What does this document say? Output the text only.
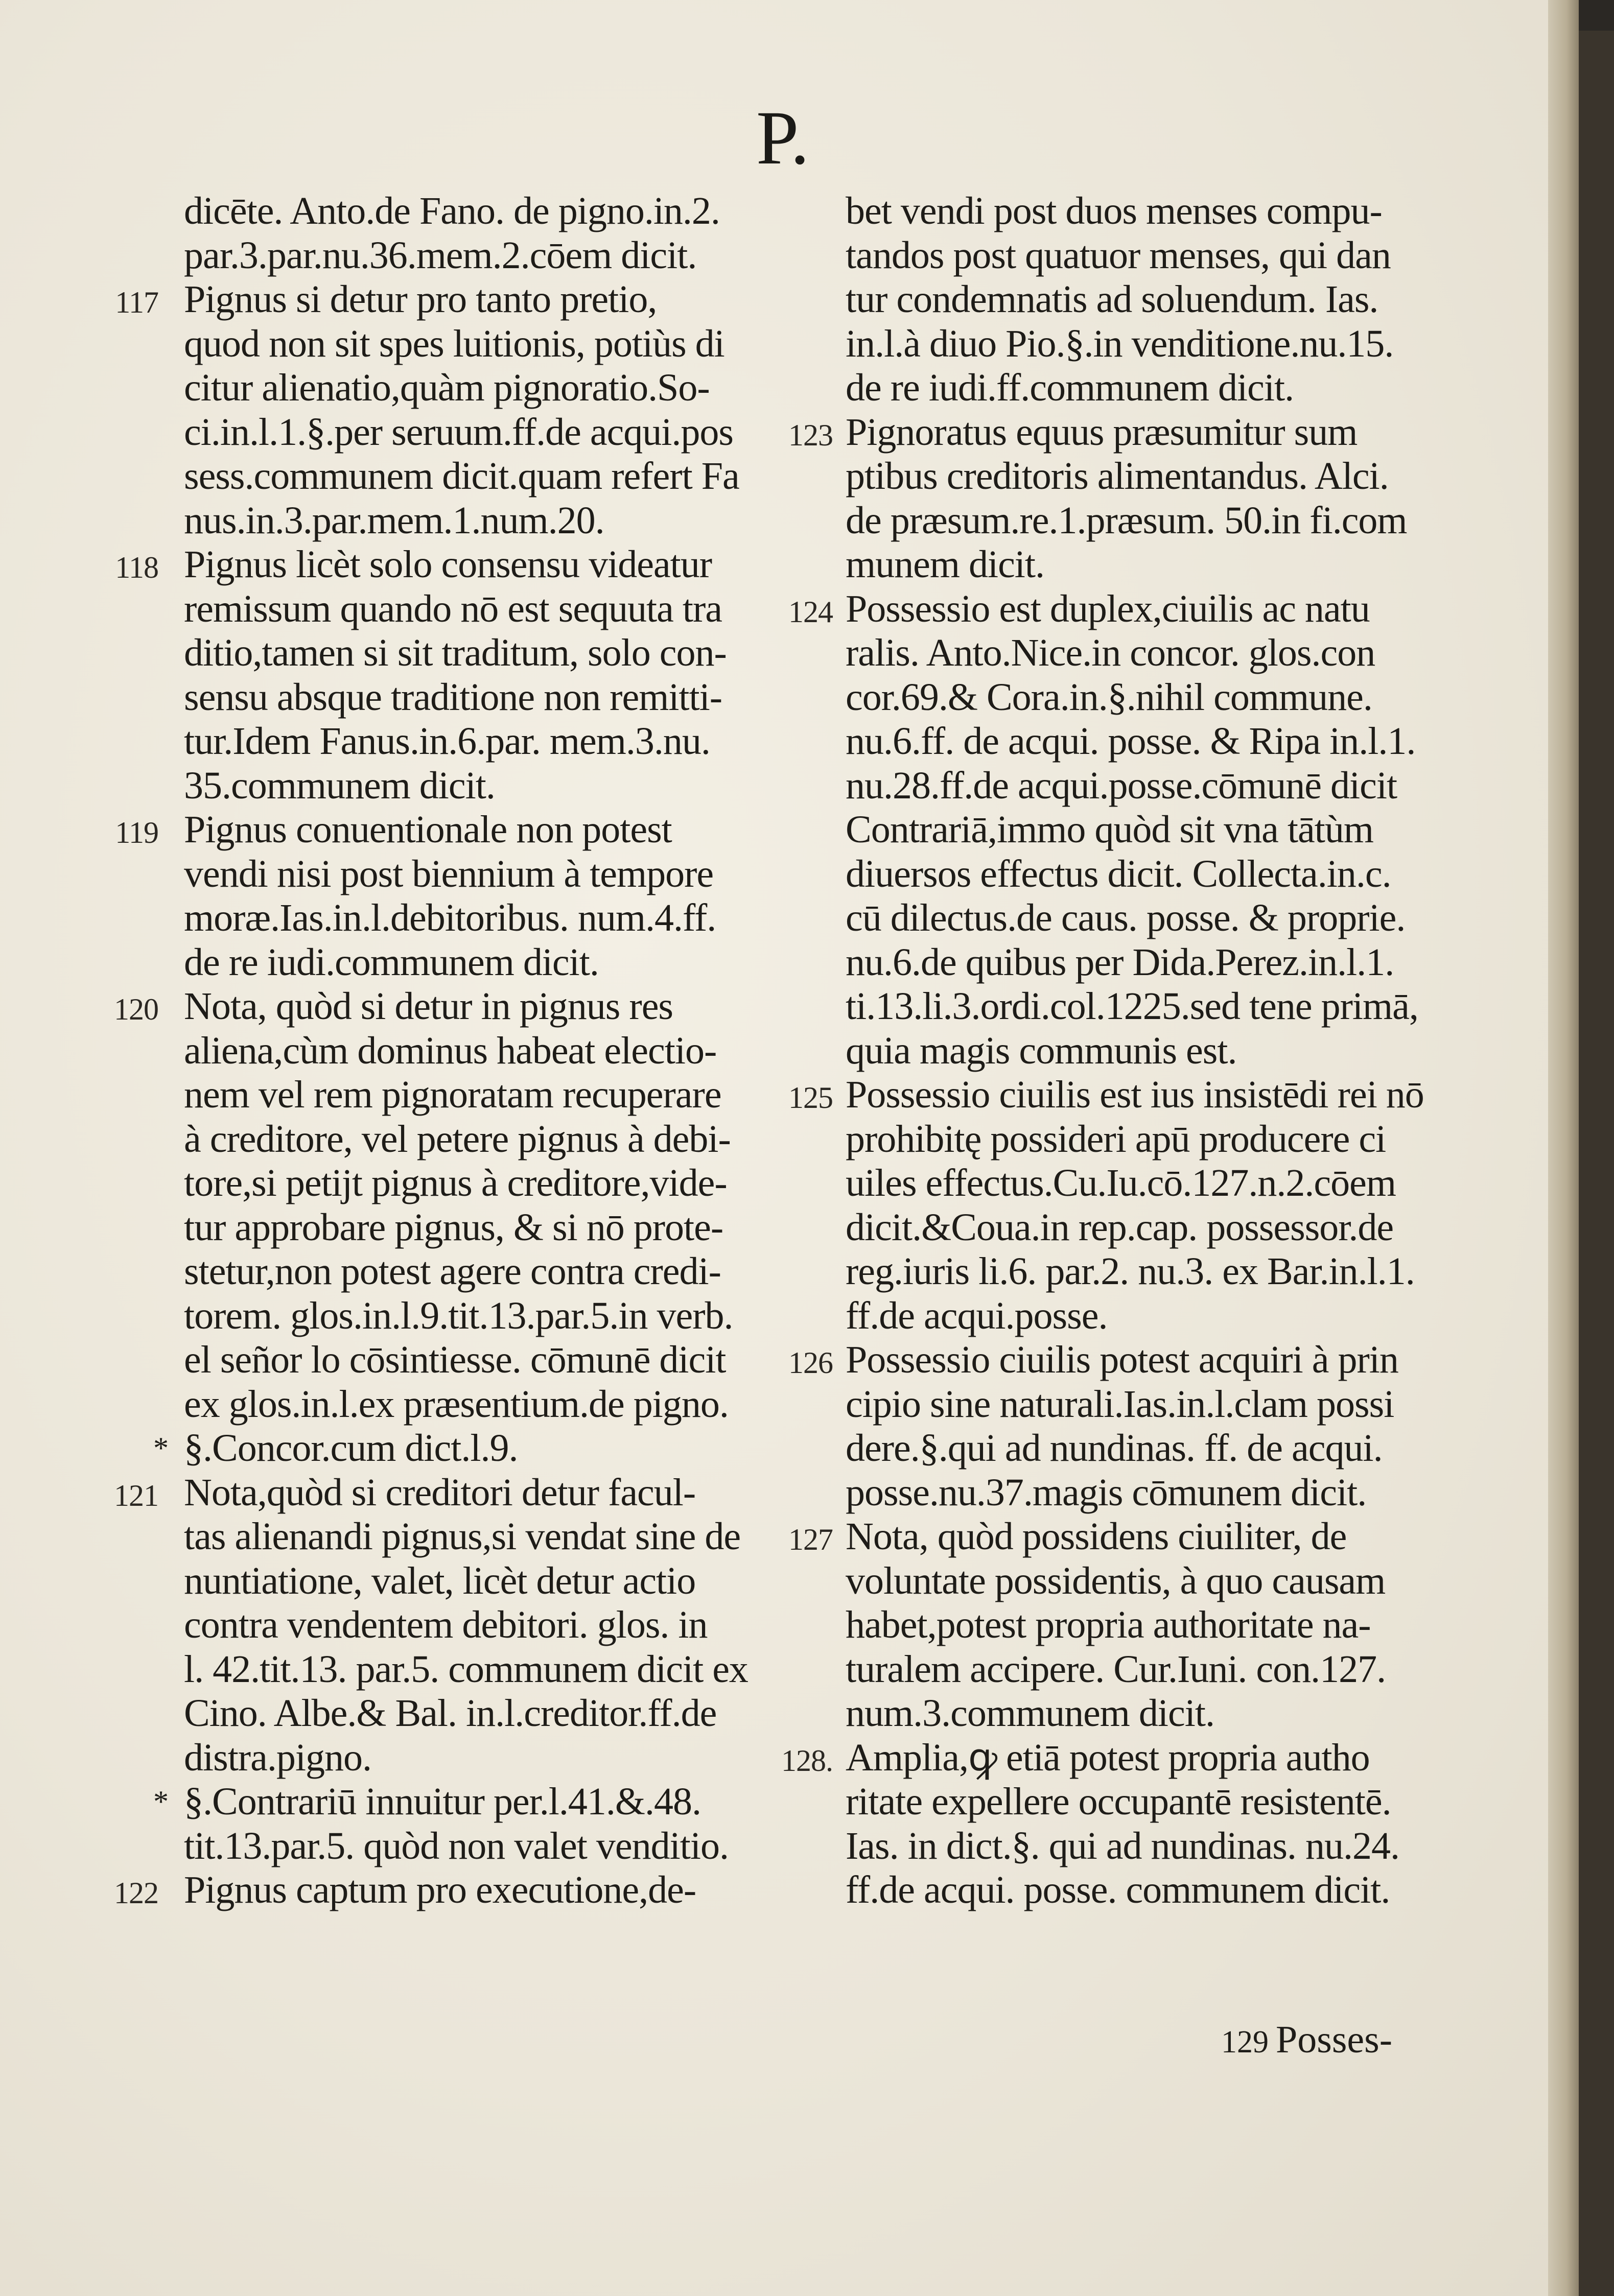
P.
dicēte. Anto.de Fano. de pigno.in.2.
par.3.par.nu.36.mem.2.cōem dicit.
117 Pignus si detur pro tanto pretio,
quod non sit spes luitionis, potiùs di
citur alienatio,quàm pignoratio.So-
ci.in.l.1.§.per seruum.ff.de acqui.pos
sess.communem dicit.quam refert Fa
nus.in.3.par.mem.1.num.20.
118 Pignus licèt solo consensu videatur
remissum quando nō est sequuta tra
ditio,tamen si sit traditum, solo con-
sensu absque traditione non remitti-
tur.Idem Fanus.in.6.par. mem.3.nu.
35.communem dicit.
119 Pignus conuentionale non potest
vendi nisi post biennium à tempore
moræ.Ias.in.l.debitoribus. num.4.ff.
de re iudi.communem dicit.
120 Nota, quòd si detur in pignus res
aliena,cùm dominus habeat electio-
nem vel rem pignoratam recuperare
à creditore, vel petere pignus à debi-
tore,si petijt pignus à creditore,vide-
tur approbare pignus, & si nō prote-
stetur,non potest agere contra credi-
torem. glos.in.l.9.tit.13.par.5.in verb.
el señor lo cōsintiesse. cōmunē dicit
ex glos.in.l.ex præsentium.de pigno.
* §.Concor.cum dict.l.9.
121 Nota,quòd si creditori detur facul-
tas alienandi pignus,si vendat sine de
nuntiatione, valet, licèt detur actio
contra vendentem debitori. glos. in
l. 42.tit.13. par.5. communem dicit ex
Cino. Albe.& Bal. in.l.creditor.ff.de
distra.pigno.
* §.Contrariū innuitur per.l.41.&.48.
tit.13.par.5. quòd non valet venditio.
122 Pignus captum pro executione,de-
bet vendi post duos menses compu-
tandos post quatuor menses, qui dan
tur condemnatis ad soluendum. Ias.
in.l.à diuo Pio.§.in venditione.nu.15.
de re iudi.ff.communem dicit.
123 Pignoratus equus præsumitur sum
ptibus creditoris alimentandus. Alci.
de præsum.re.1.præsum. 50.in fi.com
munem dicit.
124 Possessio est duplex,ciuilis ac natu
ralis. Anto.Nice.in concor. glos.con
cor.69.& Cora.in.§.nihil commune.
nu.6.ff. de acqui. posse. & Ripa in.l.1.
nu.28.ff.de acqui.posse.cōmunē dicit
Contrariā,immo quòd sit vna tātùm
diuersos effectus dicit. Collecta.in.c.
cū dilectus.de caus. posse. & proprie.
nu.6.de quibus per Dida.Perez.in.l.1.
ti.13.li.3.ordi.col.1225.sed tene primā,
quia magis communis est.
125 Possessio ciuilis est ius insistēdi rei nō
prohibitę possideri apū producere ci
uiles effectus.Cu.Iu.cō.127.n.2.cōem
dicit.&Coua.in rep.cap. possessor.de
reg.iuris li.6. par.2. nu.3. ex Bar.in.l.1.
ff.de acqui.posse.
126 Possessio ciuilis potest acquiri à prin
cipio sine naturali.Ias.in.l.clam possi
dere.§.qui ad nundinas. ff. de acqui.
posse.nu.37.magis cōmunem dicit.
127 Nota, quòd possidens ciuiliter, de
voluntate possidentis, à quo causam
habet,potest propria authoritate na-
turalem accipere. Cur.Iuni. con.127.
num.3.communem dicit.
128. Amplia,ꝙ etiā potest propria autho
ritate expellere occupantē resistentē.
Ias. in dict.§. qui ad nundinas. nu.24.
ff.de acqui. posse. communem dicit.
129 Posses-
